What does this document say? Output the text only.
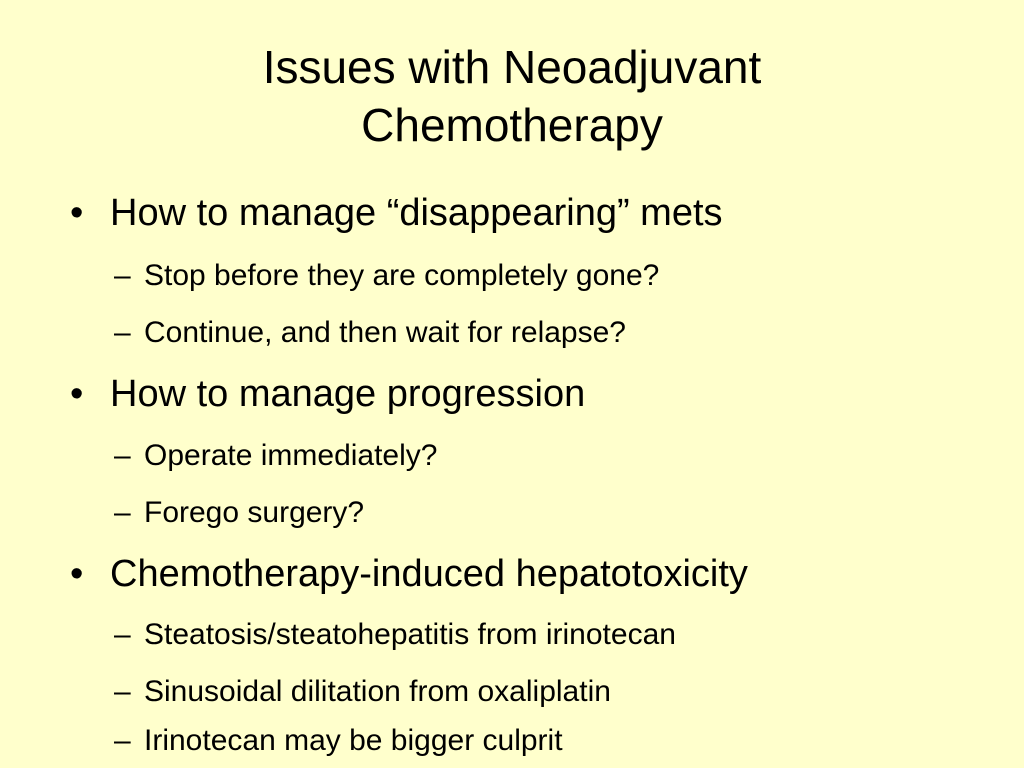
Issues with Neoadjuvant
Chemotherapy
• How to manage “disappearing” mets
– Stop before they are completely gone?
– Continue, and then wait for relapse?
• How to manage progression
– Operate immediately?
– Forego surgery?
• Chemotherapy-induced hepatotoxicity
– Steatosis/steatohepatitis from irinotecan
– Sinusoidal dilitation from oxaliplatin
– Irinotecan may be bigger culprit
